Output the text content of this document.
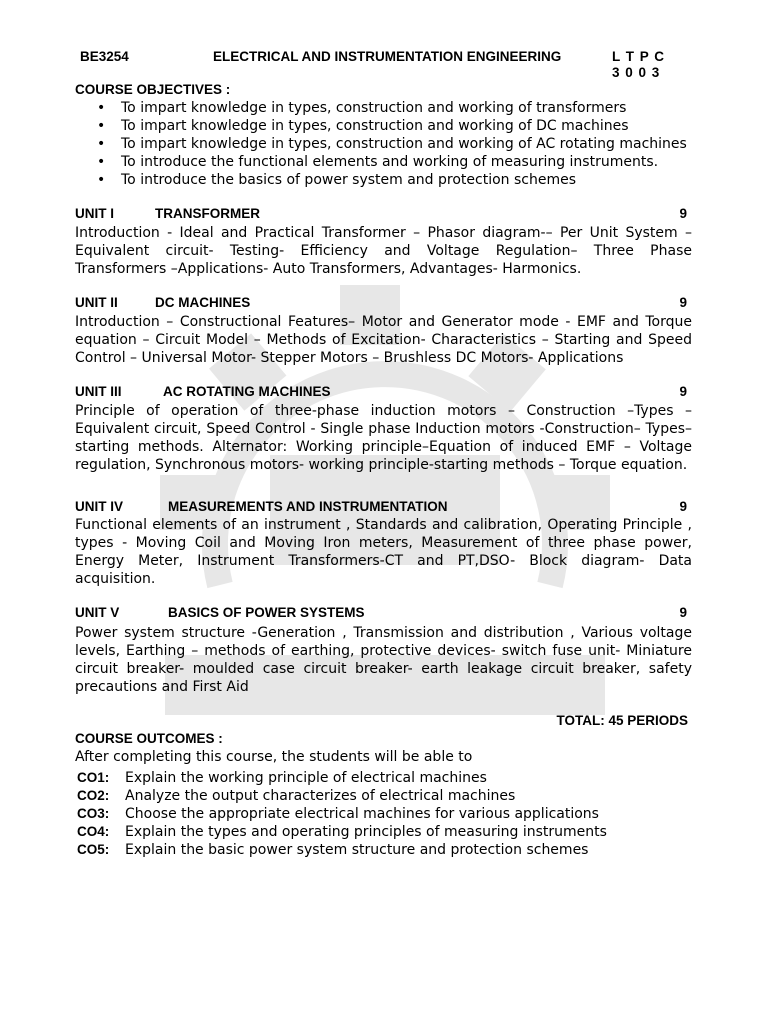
BE3254	ELECTRICAL AND INSTRUMENTATION ENGINEERING	L T P C
3 0 0 3
COURSE OBJECTIVES :
• To impart knowledge in types, construction and working of transformers
• To impart knowledge in types, construction and working of DC machines
• To impart knowledge in types, construction and working of AC rotating machines
• To introduce the functional elements and working of measuring instruments.
• To introduce the basics of power system and protection schemes
UNIT I	TRANSFORMER	9
Introduction - Ideal and Practical Transformer – Phasor diagram-– Per Unit System – Equivalent circuit- Testing- Efficiency and Voltage Regulation– Three Phase Transformers –Applications- Auto Transformers, Advantages- Harmonics.
UNIT II	DC MACHINES	9
Introduction – Constructional Features– Motor and Generator mode - EMF and Torque equation – Circuit Model – Methods of Excitation- Characteristics – Starting and Speed Control – Universal Motor- Stepper Motors – Brushless DC Motors- Applications
UNIT III	AC ROTATING MACHINES	9
Principle of operation of three-phase induction motors – Construction –Types – Equivalent circuit, Speed Control - Single phase Induction motors -Construction– Types–starting methods. Alternator: Working principle–Equation of induced EMF – Voltage regulation, Synchronous motors- working principle-starting methods – Torque equation.
UNIT IV	MEASUREMENTS AND INSTRUMENTATION	9
Functional elements of an instrument , Standards and calibration, Operating Principle , types - Moving Coil and Moving Iron meters, Measurement of three phase power, Energy Meter, Instrument Transformers-CT and PT,DSO- Block diagram- Data acquisition.
UNIT V	BASICS OF POWER SYSTEMS	9
Power system structure -Generation , Transmission and distribution , Various voltage levels, Earthing – methods of earthing, protective devices- switch fuse unit- Miniature circuit breaker- moulded case circuit breaker- earth leakage circuit breaker, safety precautions and First Aid
TOTAL: 45 PERIODS
COURSE OUTCOMES :
After completing this course, the students will be able to
CO1: Explain the working principle of electrical machines
CO2: Analyze the output characterizes of electrical machines
CO3: Choose the appropriate electrical machines for various applications
CO4: Explain the types and operating principles of measuring instruments
CO5: Explain the basic power system structure and protection schemes
